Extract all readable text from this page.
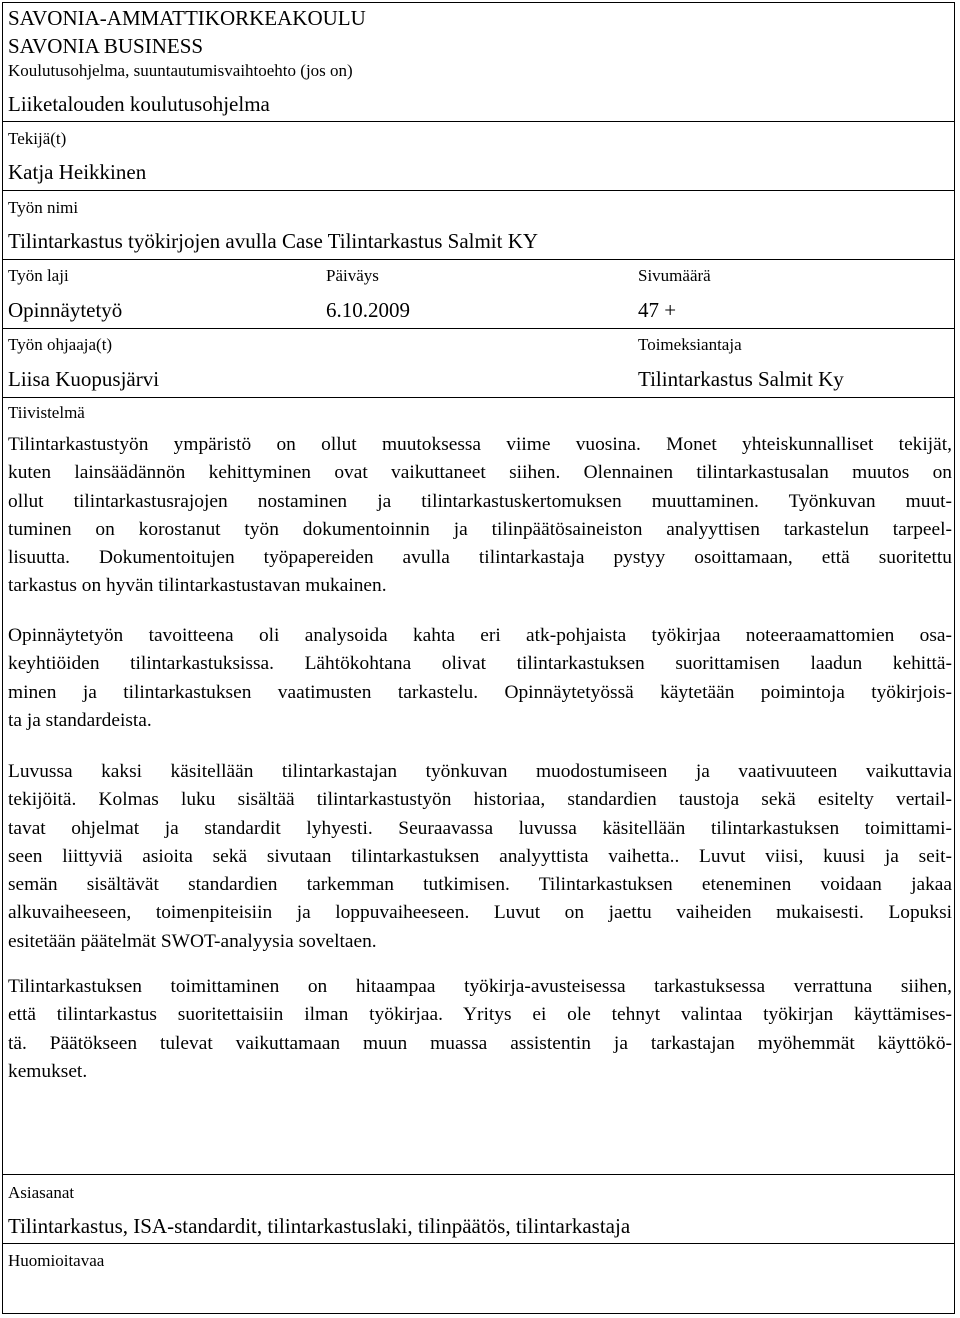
SAVONIA-AMMATTIKORKEAKOULU
SAVONIA BUSINESS
Koulutusohjelma, suuntautumisvaihtoehto (jos on)
Liiketalouden koulutusohjelma
Tekijä(t)
Katja Heikkinen
Työn nimi
Tilintarkastus työkirjojen avulla Case Tilintarkastus Salmit KY
Työn laji	Päiväys	Sivumäärä
Opinnäytetyö	6.10.2009	47 +
Työn ohjaaja(t)	Toimeksiantaja
Liisa Kuopusjärvi	Tilintarkastus Salmit Ky
Tiivistelmä
Tilintarkastustyön ympäristö on ollut muutoksessa viime vuosina. Monet yhteiskunnalliset tekijät,
kuten lainsäädännön kehittyminen ovat vaikuttaneet siihen. Olennainen tilintarkastusalan muutos on
ollut tilintarkastusrajojen nostaminen ja tilintarkastuskertomuksen muuttaminen. Työnkuvan muut-
tuminen on korostanut työn dokumentoinnin ja tilinpäätösaineiston analyyttisen tarkastelun tarpeel-
lisuutta. Dokumentoitujen työpapereiden avulla tilintarkastaja pystyy osoittamaan, että suoritettu
tarkastus on hyvän tilintarkastustavan mukainen.
Opinnäytetyön tavoitteena oli analysoida kahta eri atk-pohjaista työkirjaa noteeraamattomien osa-
keyhtiöiden tilintarkastuksissa. Lähtökohtana olivat tilintarkastuksen suorittamisen laadun kehittä-
minen ja tilintarkastuksen vaatimusten tarkastelu. Opinnäytetyössä käytetään poimintoja työkirjois-
ta ja standardeista.
Luvussa kaksi käsitellään tilintarkastajan työnkuvan muodostumiseen ja vaativuuteen vaikuttavia
tekijöitä. Kolmas luku sisältää tilintarkastustyön historiaa, standardien taustoja sekä esitelty vertail-
tavat ohjelmat ja standardit lyhyesti. Seuraavassa luvussa käsitellään tilintarkastuksen toimittami-
seen liittyviä asioita sekä sivutaan tilintarkastuksen analyyttista vaihetta.. Luvut viisi, kuusi ja seit-
semän sisältävät standardien tarkemman tutkimisen. Tilintarkastuksen eteneminen voidaan jakaa
alkuvaiheeseen, toimenpiteisiin ja loppuvaiheeseen. Luvut on jaettu vaiheiden mukaisesti. Lopuksi
esitetään päätelmät SWOT-analyysia soveltaen.
Tilintarkastuksen toimittaminen on hitaampaa työkirja-avusteisessa tarkastuksessa verrattuna siihen,
että tilintarkastus suoritettaisiin ilman työkirjaa. Yritys ei ole tehnyt valintaa työkirjan käyttämises-
tä. Päätökseen tulevat vaikuttamaan muun muassa assistentin ja tarkastajan myöhemmät käyttökö-
kemukset.
Asiasanat
Tilintarkastus, ISA-standardit, tilintarkastuslaki, tilinpäätös, tilintarkastaja
Huomioitavaa
